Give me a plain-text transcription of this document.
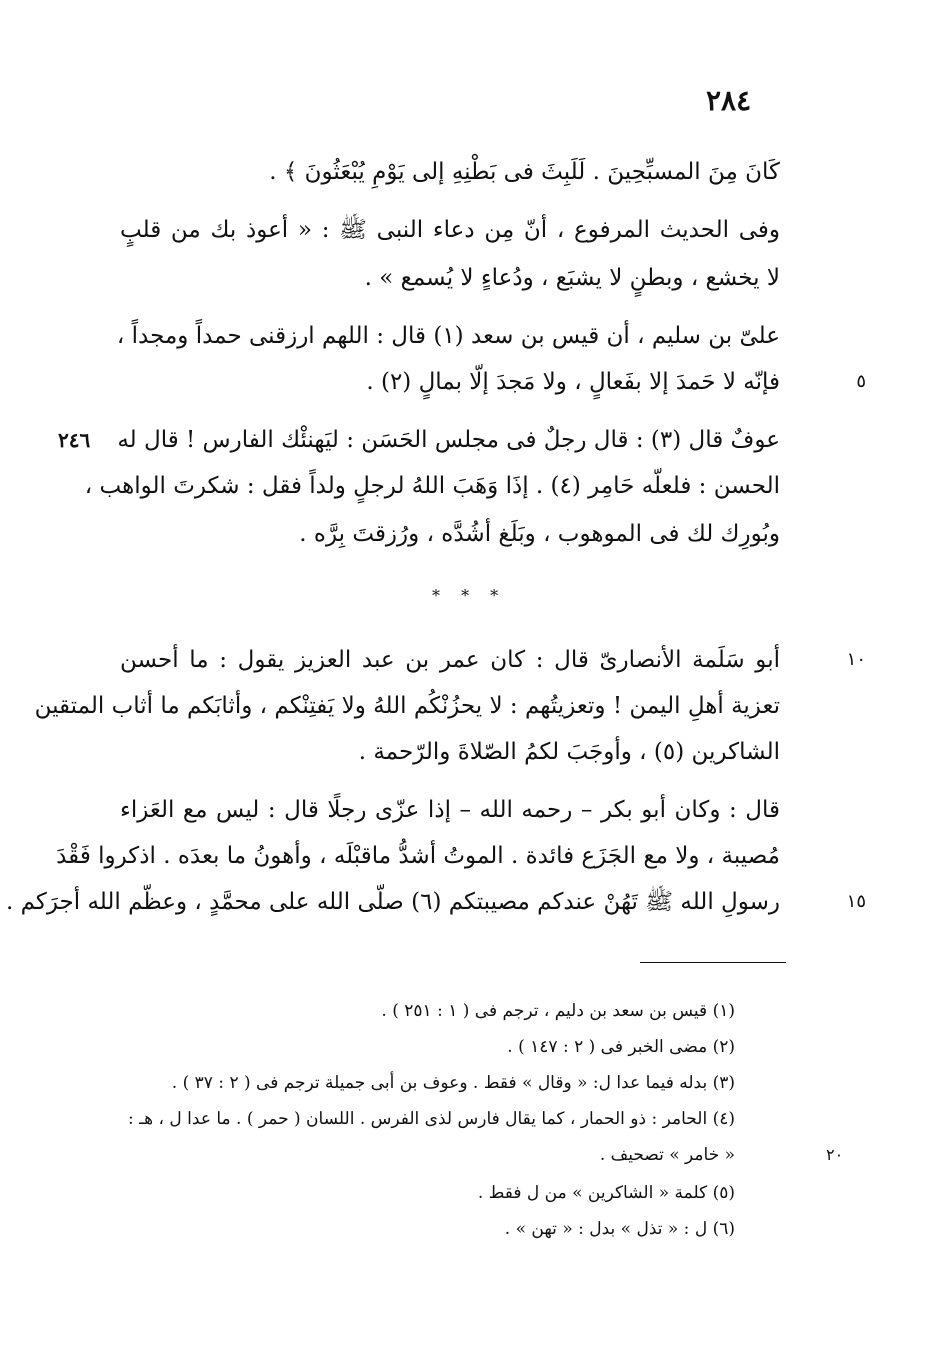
٢٨٤
كَانَ مِنَ المسبِّحِينَ . لَلَبِثَ فى بَطْنِهِ إلى يَوْمِ يُبْعَثُونَ ﴾ .
وفى الحديث المرفوع ، أنّ مِن دعاء النبى ﷺ : « أعوذ بك من قلبٍ
لا يخشع ، وبطنٍ لا يشبَع ، ودُعاءٍ لا يُسمع » .
علىّ بن سليم ، أن قيس بن سعد (١) قال : اللهم ارزقنى حمداً ومجداً ،
فإنّه لا حَمدَ إلا بفَعالٍ ، ولا مَجدَ إلّا بمالٍ (٢) .	٥
عوفٌ قال (٣) : قال رجلٌ فى مجلس الحَسَن : ليَهنئْك الفارس ! قال له
٢٤٦
الحسن : فلعلّه حَامِر (٤) . إذَا وَهَبَ اللهُ لرجلٍ ولداً فقل : شكرتَ الواهب ،
وبُورِك لك فى الموهوب ، وبَلَغ أشُدَّه ، ورُزقتَ بِرَّه .
* * *
أبو سَلَمة الأنصارىّ قال : كان عمر بن عبد العزيز يقول : ما أحسن	١٠
تعزية أهلِ اليمن ! وتعزيتُهم : لا يحزُنْكُم اللهُ ولا يَفتِنْكم ، وأثابَكم ما أثاب المتقين
الشاكرين (٥) ، وأوجَبَ لكمُ الصّلاةَ والرّحمة .
قال : وكان أبو بكر – رحمه الله – إذا عزّى رجلًا قال : ليس مع العَزاء
مُصيبة ، ولا مع الجَزَع فائدة . الموتُ أشدُّ ماقبْلَه ، وأهونُ ما بعدَه . اذكروا فَقْدَ
رسولِ الله ﷺ تَهُنْ عندكم مصيبتكم (٦) صلّى الله على محمَّدٍ ، وعظّم الله أجرَكم .	١٥
(١) قيس بن سعد بن دليم ، ترجم فى ( ١ : ٢٥١ ) .
(٢) مضى الخبر فى ( ٢ : ١٤٧ ) .
(٣) بدله فيما عدا ل: « وقال » فقط . وعوف بن أبى جميلة ترجم فى ( ٢ : ٣٧ ) .
(٤) الحامر : ذو الحمار ، كما يقال فارس لذى الفرس . اللسان ( حمر ) . ما عدا ل ، هـ :
« خامر » تصحيف .	٢٠
(٥) كلمة « الشاكرين » من ل فقط .
(٦) ل : « تذل » بدل : « تهن » .
